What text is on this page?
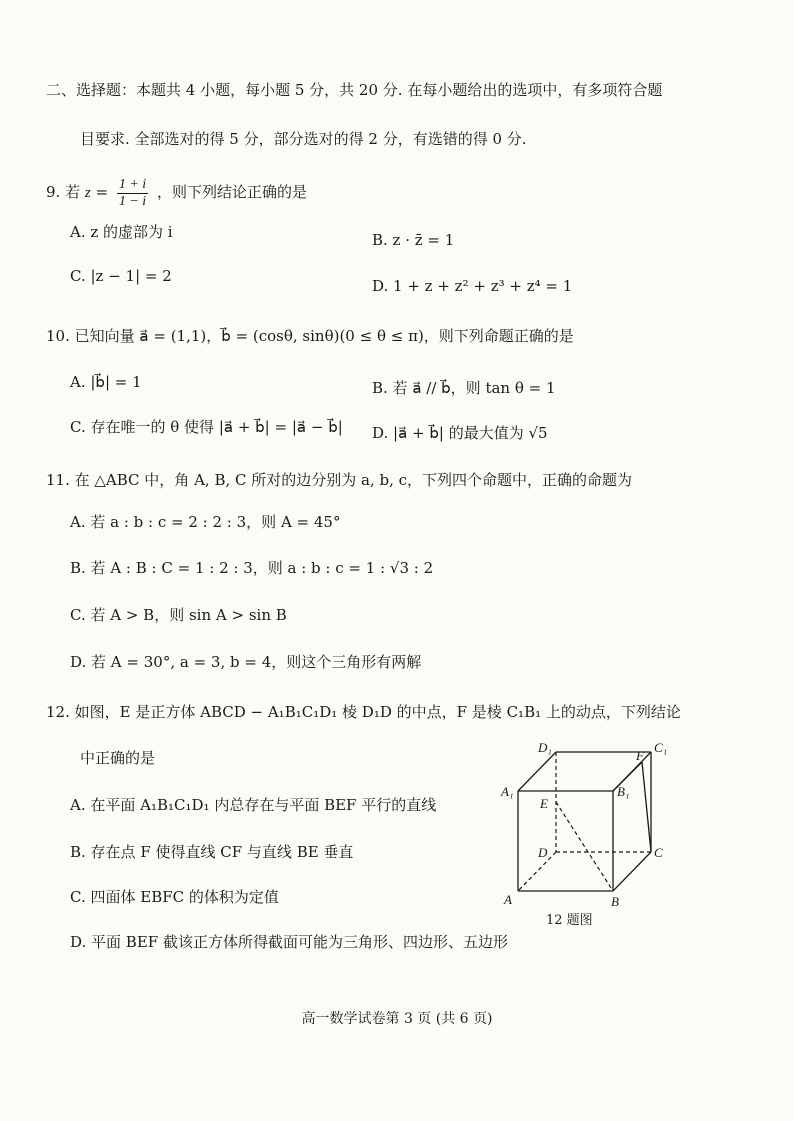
二、选择题：本题共 4 小题，每小题 5 分，共 20 分. 在每小题给出的选项中，有多项符合题
目要求. 全部选对的得 5 分，部分选对的得 2 分，有选错的得 0 分.
9. 若 $z = \frac{1 + i}{1 - i}$ ，则下列结论正确的是
A. z 的虚部为 i	B. z · z̄ = 1
C. |z − 1| = 2
D. 1 + z + z² + z³ + z⁴ = 1
10. 已知向量 a⃗ = (1,1)，b⃗ = (cosθ, sinθ)(0 ≤ θ ≤ π)，则下列命题正确的是
A. |b⃗| = 1	B. 若 a⃗ // b⃗，则 tan θ = 1
C. 存在唯一的 θ 使得 |a⃗ + b⃗| = |a⃗ − b⃗| D. |a⃗ + b⃗| 的最大值为 √5
11. 在 △ABC 中，角 A, B, C 所对的边分别为 a, b, c，下列四个命题中，正确的命题为
A. 若 a : b : c = 2 : 2 : 3，则 A = 45°
B. 若 A : B : C = 1 : 2 : 3，则 a : b : c = 1 : √3 : 2
C. 若 A > B，则 sin A > sin B
D. 若 A = 30°, a = 3, b = 4，则这个三角形有两解
12. 如图，E 是正方体 ABCD − A₁B₁C₁D₁ 棱 D₁D 的中点，F 是棱 C₁B₁ 上的动点，下列结论
中正确的是
A. 在平面 A₁B₁C₁D₁ 内总存在与平面 BEF 平行的直线
B. 存在点 F 使得直线 CF 与直线 BE 垂直
C. 四面体 EBFC 的体积为定值
D. 平面 BEF 截该正方体所得截面可能为三角形、四边形、五边形
D₁	C₁
A₁	B₁
E
F
D	C
A	B
12 题图
高一数学试卷第 3 页 (共 6 页)
